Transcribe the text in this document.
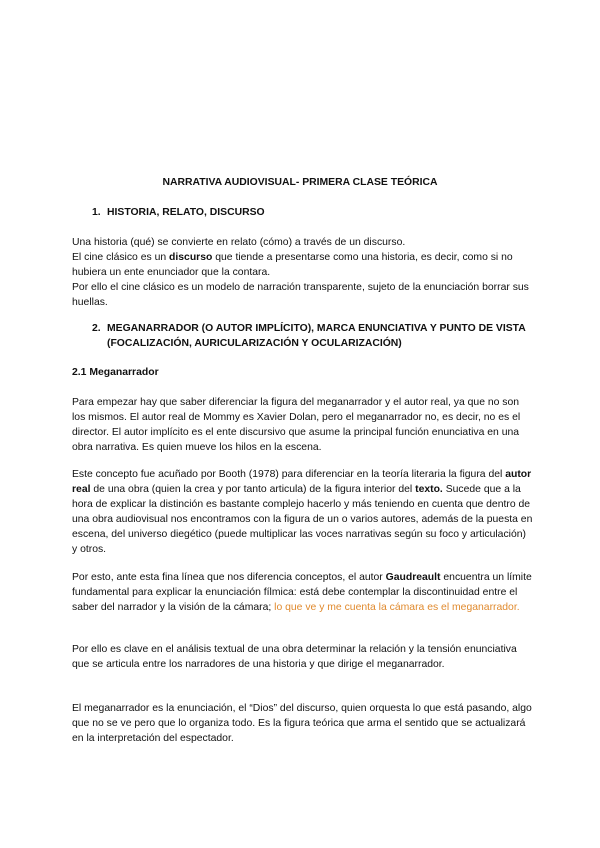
NARRATIVA AUDIOVISUAL- PRIMERA CLASE TEÓRICA
1. HISTORIA, RELATO, DISCURSO

Una historia (qué) se convierte en relato (cómo) a través de un discurso.

El cine clásico es un discurso que tiende a presentarse como una historia, es decir, como si no hubiera un ente enunciador que la contara.

Por ello el cine clásico es un modelo de narración transparente, sujeto de la enunciación borrar sus huellas.

2. MEGANARRADOR (O AUTOR IMPLÍCITO), MARCA ENUNCIATIVA Y PUNTO DE VISTA (FOCALIZACIÓN, AURICULARIZACIÓN Y OCULARIZACIÓN)
2.1 Meganarrador
Para empezar hay que saber diferenciar la figura del meganarrador y el autor real, ya que no son los mismos. El autor real de Mommy es Xavier Dolan, pero el meganarrador no, es decir, no es el director. El autor implícito es el ente discursivo que asume la principal función enunciativa en una obra narrativa. Es quien mueve los hilos en la escena.
Este concepto fue acuñado por Booth (1978) para diferenciar en la teoría literaria la figura del autor real de una obra (quien la crea y por tanto articula) de la figura interior del texto. Sucede que a la hora de explicar la distinción es bastante complejo hacerlo y más teniendo en cuenta que dentro de una obra audiovisual nos encontramos con la figura de un o varios autores, además de la puesta en escena, del universo diegético (puede multiplicar las voces narrativas según su foco y articulación) y otros.
Por esto, ante esta fina línea que nos diferencia conceptos, el autor Gaudreault encuentra un límite fundamental para explicar la enunciación fílmica: está debe contemplar la discontinuidad entre el saber del narrador y la visión de la cámara; lo que ve y me cuenta la cámara es el meganarrador.
Por ello es clave en el análisis textual de una obra determinar la relación y la tensión enunciativa que se articula entre los narradores de una historia y que dirige el meganarrador.
El meganarrador es la enunciación, el “Dios” del discurso, quien orquesta lo que está pasando, algo que no se ve pero que lo organiza todo. Es la figura teórica que arma el sentido que se actualizará en la interpretación del espectador.
